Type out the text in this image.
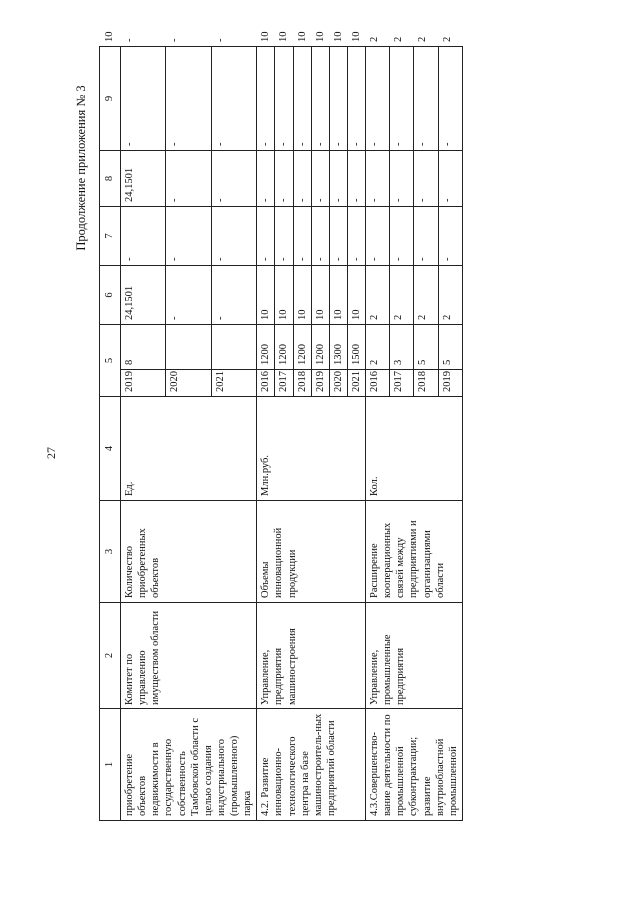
27
Продолжение приложения № 3
1	2	3	4	5		6	7	8	9	10
приобретение объектов недвижимости в государственную собственность Тамбовской области с целью создания индустриального (промышленного) парка	Комитет по управлению имуществом области	Количество приобретенных объектов	Ед.	2019	8	24,1501	-	24,1501	-	-
				2020		-	-	-	-	-
				2021		-	-	-	-	-
4.2. Развитие инновационно-технологического центра на базе машиностроитель-ных предприятий области	Управление, предприятия машиностроения	Объемы инновационной продукции	Млн.руб.	2016	1200	10	-	-	-	10
				2017	1200	10	-	-	-	10
				2018	1200	10	-	-	-	10
				2019	1200	10	-	-	-	10
				2020	1300	10	-	-	-	10
				2021	1500	10	-	-	-	10
4.3.Совершенство-вание деятельности по промышленной субконтрактации; развитие внутриобластной промышленной	Управление, промышленные предприятия	Расширение кооперационных связей между предприятиями и организациями области	Кол.	2016	2	2	-	-	-	2
				2017	3	2	-	-	-	2
				2018	5	2	-	-	-	2
				2019	5	2	-	-	-	2
